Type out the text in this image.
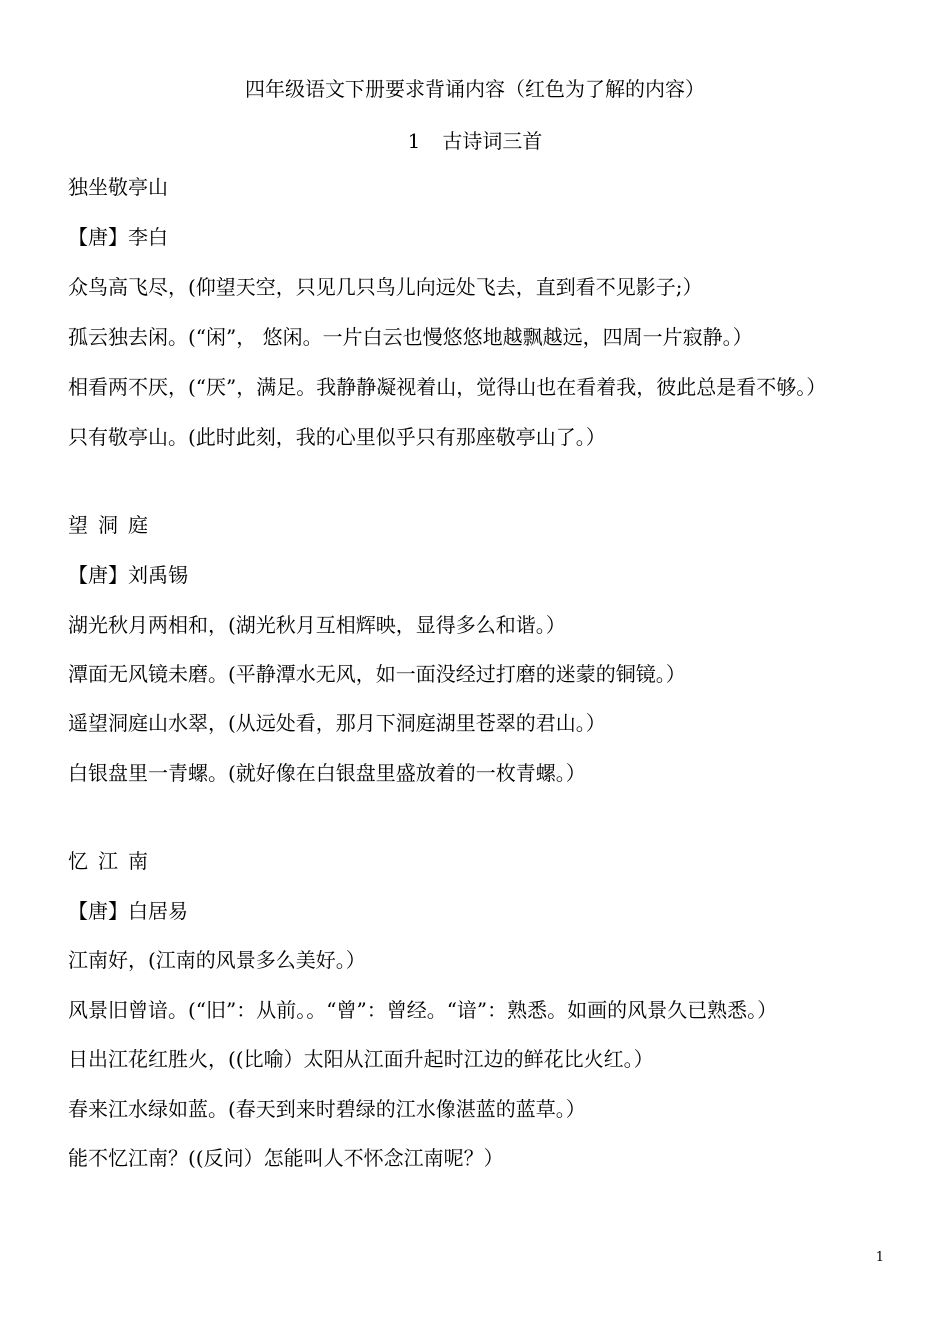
四年级语文下册要求背诵内容（红色为了解的内容）
1 古诗词三首
独坐敬亭山
【唐】李白
众鸟高飞尽，(仰望天空，只见几只鸟儿向远处飞去，直到看不见影子;）
孤云独去闲。(“闲”， 悠闲。一片白云也慢悠悠地越飘越远，四周一片寂静。）
相看两不厌，(“厌”，满足。我静静凝视着山，觉得山也在看着我，彼此总是看不够。）
只有敬亭山。(此时此刻，我的心里似乎只有那座敬亭山了。）
望洞庭
【唐】刘禹锡
湖光秋月两相和，(湖光秋月互相辉映，显得多么和谐。）
潭面无风镜未磨。(平静潭水无风，如一面没经过打磨的迷蒙的铜镜。）
遥望洞庭山水翠，(从远处看，那月下洞庭湖里苍翠的君山。）
白银盘里一青螺。(就好像在白银盘里盛放着的一枚青螺。）
忆江南
【唐】白居易
江南好，(江南的风景多么美好。）
风景旧曾谙。(“旧”：从前。。“曾”：曾经。“谙”：熟悉。如画的风景久已熟悉。）
日出江花红胜火，((比喻）太阳从江面升起时江边的鲜花比火红。）
春来江水绿如蓝。(春天到来时碧绿的江水像湛蓝的蓝草。）
能不忆江南？((反问）怎能叫人不怀念江南呢？）
1
